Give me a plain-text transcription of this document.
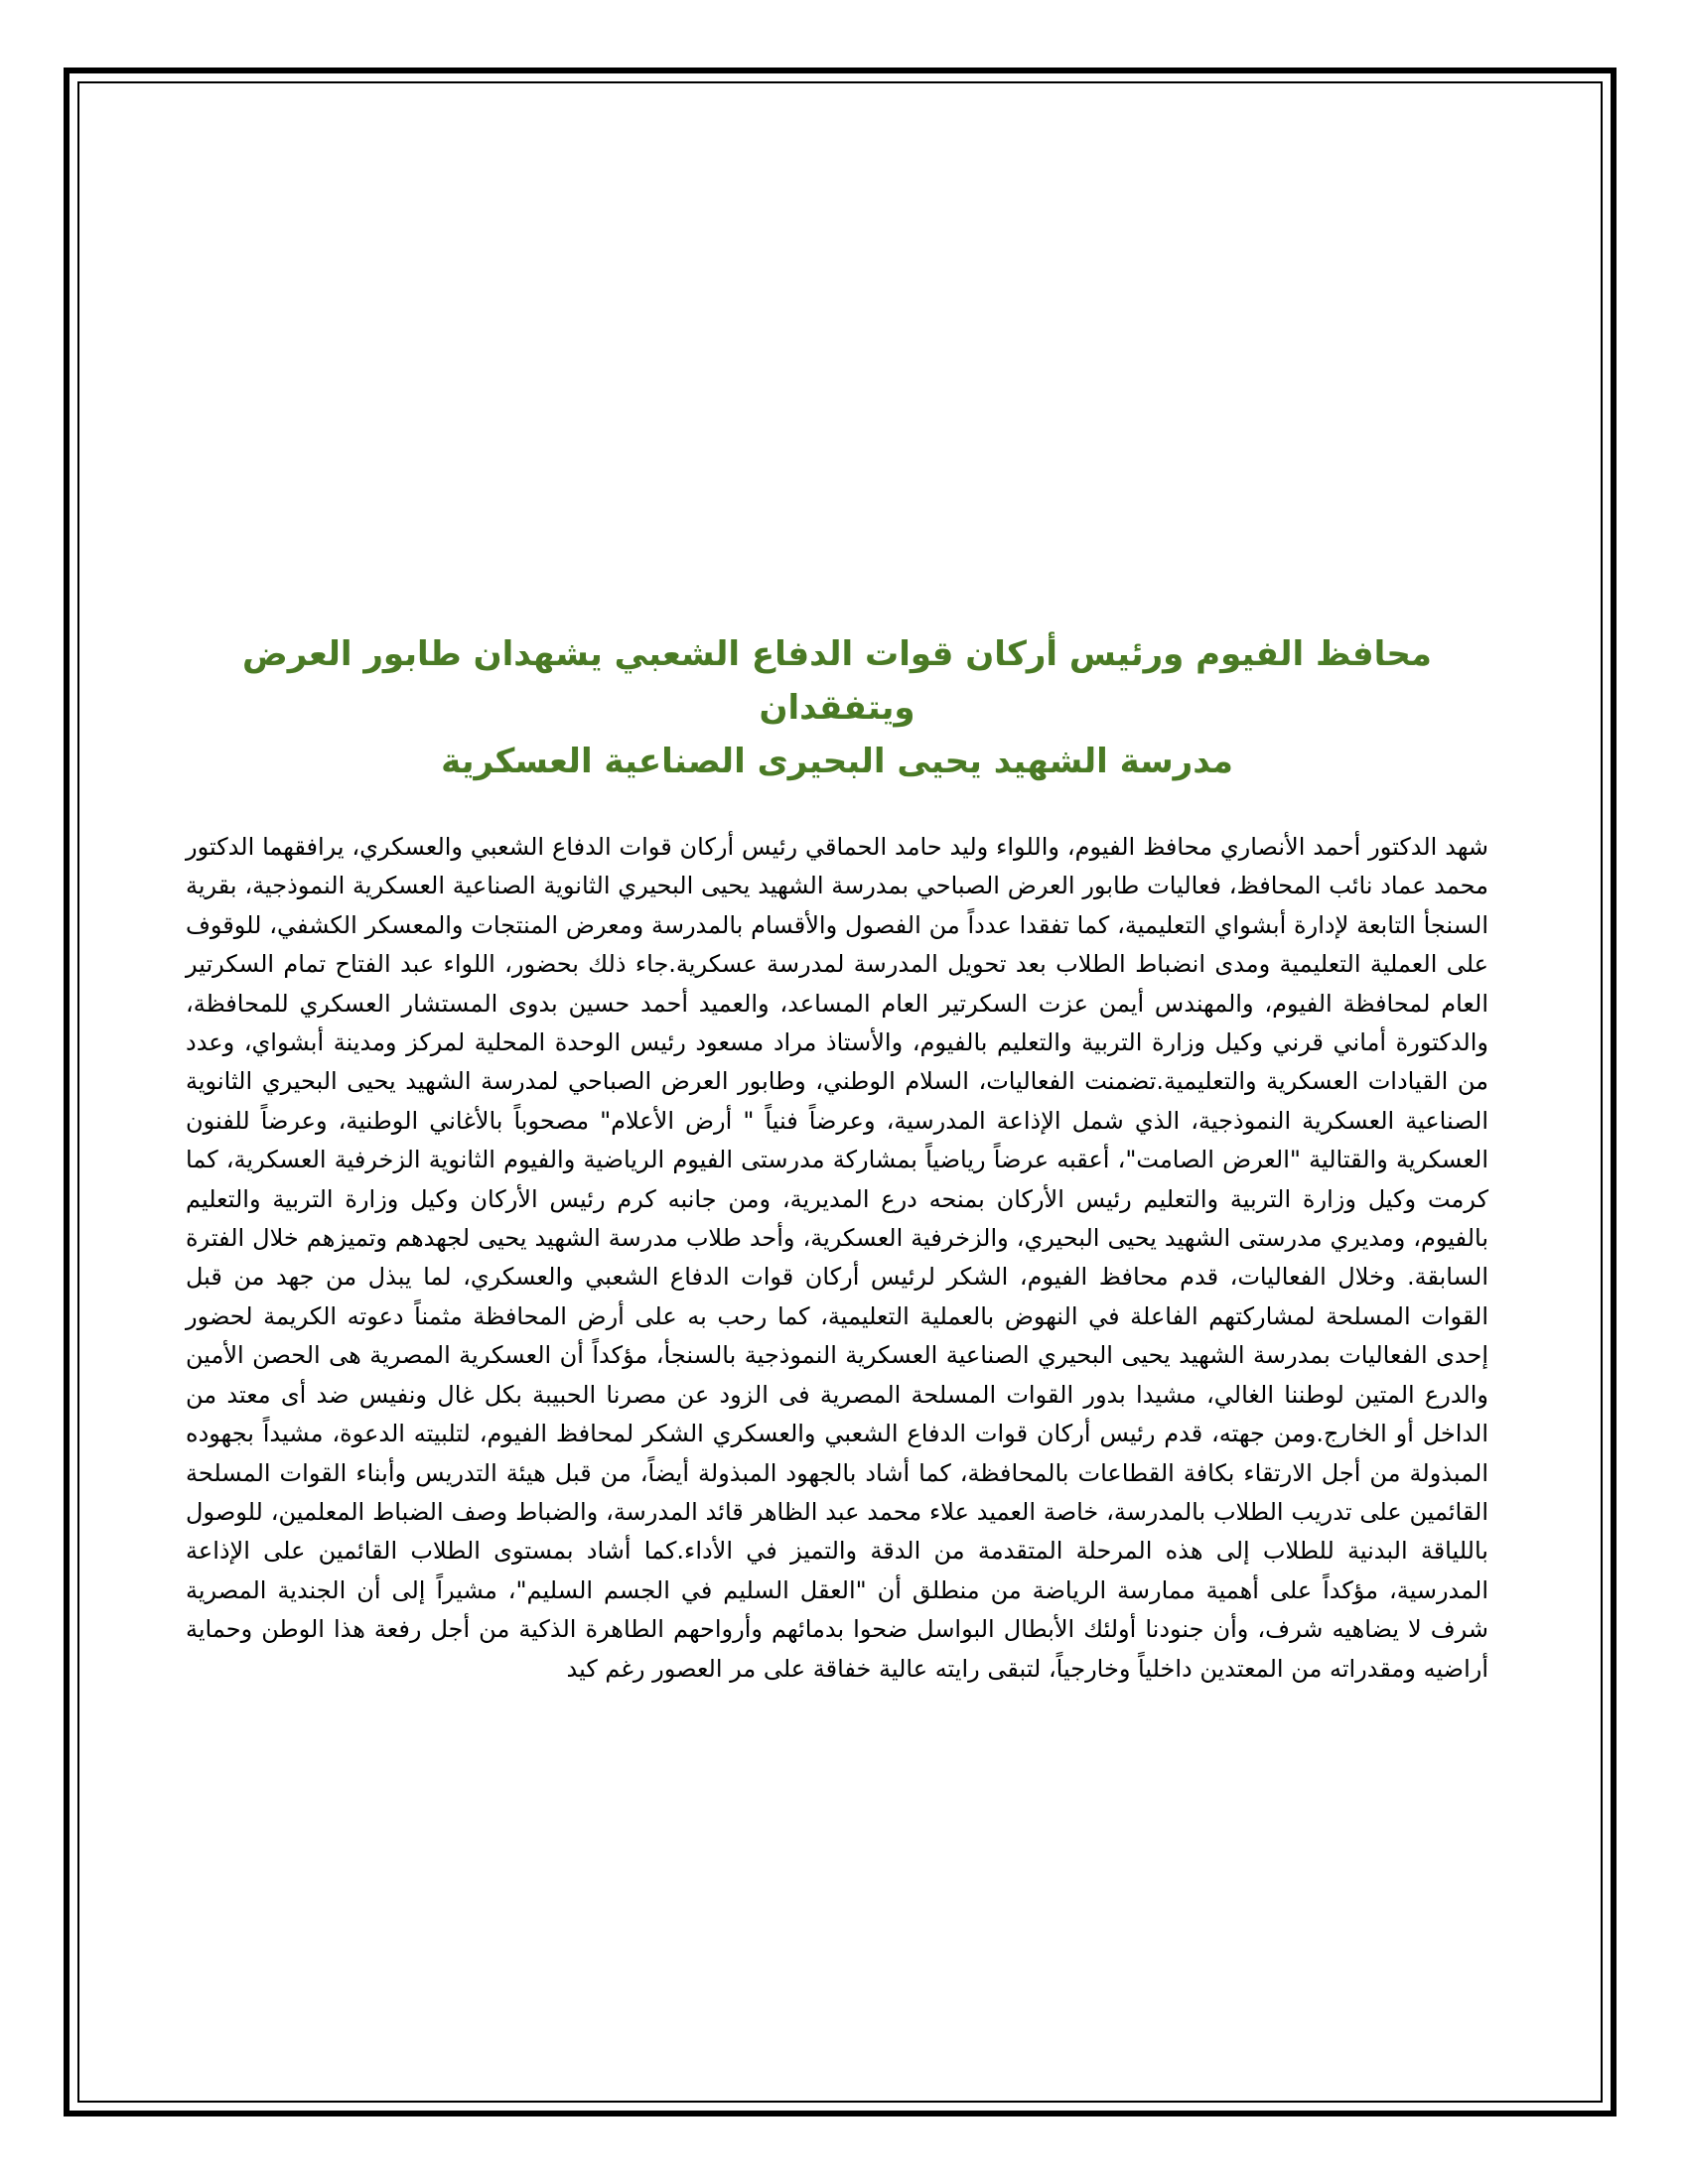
محافظ الفيوم ورئيس أركان قوات الدفاع الشعبي يشهدان طابور العرض ويتفقدان
مدرسة الشهيد يحيى البحيرى الصناعية العسكرية

شهد الدكتور أحمد الأنصاري محافظ الفيوم، واللواء وليد حامد الحماقي رئيس أركان قوات الدفاع الشعبي والعسكري، يرافقهما الدكتور محمد عماد نائب المحافظ، فعاليات طابور العرض الصباحي بمدرسة الشهيد يحيى البحيري الثانوية الصناعية العسكرية النموذجية، بقرية السنجأ التابعة لإدارة أبشواي التعليمية، كما تفقدا عدداً من الفصول والأقسام بالمدرسة ومعرض المنتجات والمعسكر الكشفي، للوقوف على العملية التعليمية ومدى انضباط الطلاب بعد تحويل المدرسة لمدرسة عسكرية.جاء ذلك بحضور، اللواء عبد الفتاح تمام السكرتير العام لمحافظة الفيوم، والمهندس أيمن عزت السكرتير العام المساعد، والعميد أحمد حسين بدوى المستشار العسكري للمحافظة، والدكتورة أماني قرني وكيل وزارة التربية والتعليم بالفيوم، والأستاذ مراد مسعود رئيس الوحدة المحلية لمركز ومدينة أبشواي، وعدد من القيادات العسكرية والتعليمية.تضمنت الفعاليات، السلام الوطني، وطابور العرض الصباحي لمدرسة الشهيد يحيى البحيري الثانوية الصناعية العسكرية النموذجية، الذي شمل الإذاعة المدرسية، وعرضاً فنياً " أرض الأعلام" مصحوباً بالأغاني الوطنية، وعرضاً للفنون العسكرية والقتالية "العرض الصامت"، أعقبه عرضاً رياضياً بمشاركة مدرستى الفيوم الرياضية والفيوم الثانوية الزخرفية العسكرية، كما كرمت وكيل وزارة التربية والتعليم رئيس الأركان بمنحه درع المديرية، ومن جانبه كرم رئيس الأركان وكيل وزارة التربية والتعليم بالفيوم، ومديري مدرستى الشهيد يحيى البحيري، والزخرفية العسكرية، وأحد طلاب مدرسة الشهيد يحيى لجهدهم وتميزهم خلال الفترة السابقة. وخلال الفعاليات، قدم محافظ الفيوم، الشكر لرئيس أركان قوات الدفاع الشعبي والعسكري، لما يبذل من جهد من قبل القوات المسلحة لمشاركتهم الفاعلة في النهوض بالعملية التعليمية، كما رحب به على أرض المحافظة مثمناً دعوته الكريمة لحضور إحدى الفعاليات بمدرسة الشهيد يحيى البحيري الصناعية العسكرية النموذجية بالسنجأ، مؤكداً أن العسكرية المصرية هى الحصن الأمين والدرع المتين لوطننا الغالي، مشيدا بدور القوات المسلحة المصرية فى الزود عن مصرنا الحبيبة بكل غال ونفيس ضد أى معتد من الداخل أو الخارج.ومن جهته، قدم رئيس أركان قوات الدفاع الشعبي والعسكري الشكر لمحافظ الفيوم، لتلبيته الدعوة، مشيداً بجهوده المبذولة من أجل الارتقاء بكافة القطاعات بالمحافظة، كما أشاد بالجهود المبذولة أيضاً، من قبل هيئة التدريس وأبناء القوات المسلحة القائمين على تدريب الطلاب بالمدرسة، خاصة العميد علاء محمد عبد الظاهر قائد المدرسة، والضباط وصف الضباط المعلمين، للوصول باللياقة البدنية للطلاب إلى هذه المرحلة المتقدمة من الدقة والتميز في الأداء.كما أشاد بمستوى الطلاب القائمين على الإذاعة المدرسية، مؤكداً على أهمية ممارسة الرياضة من منطلق أن "العقل السليم في الجسم السليم"، مشيراً إلى أن الجندية المصرية شرف لا يضاهيه شرف، وأن جنودنا أولئك الأبطال البواسل ضحوا بدمائهم وأرواحهم الطاهرة الذكية من أجل رفعة هذا الوطن وحماية أراضيه ومقدراته من المعتدين داخلياً وخارجياً، لتبقى رايته عالية خفاقة على مر العصور رغم كيد
